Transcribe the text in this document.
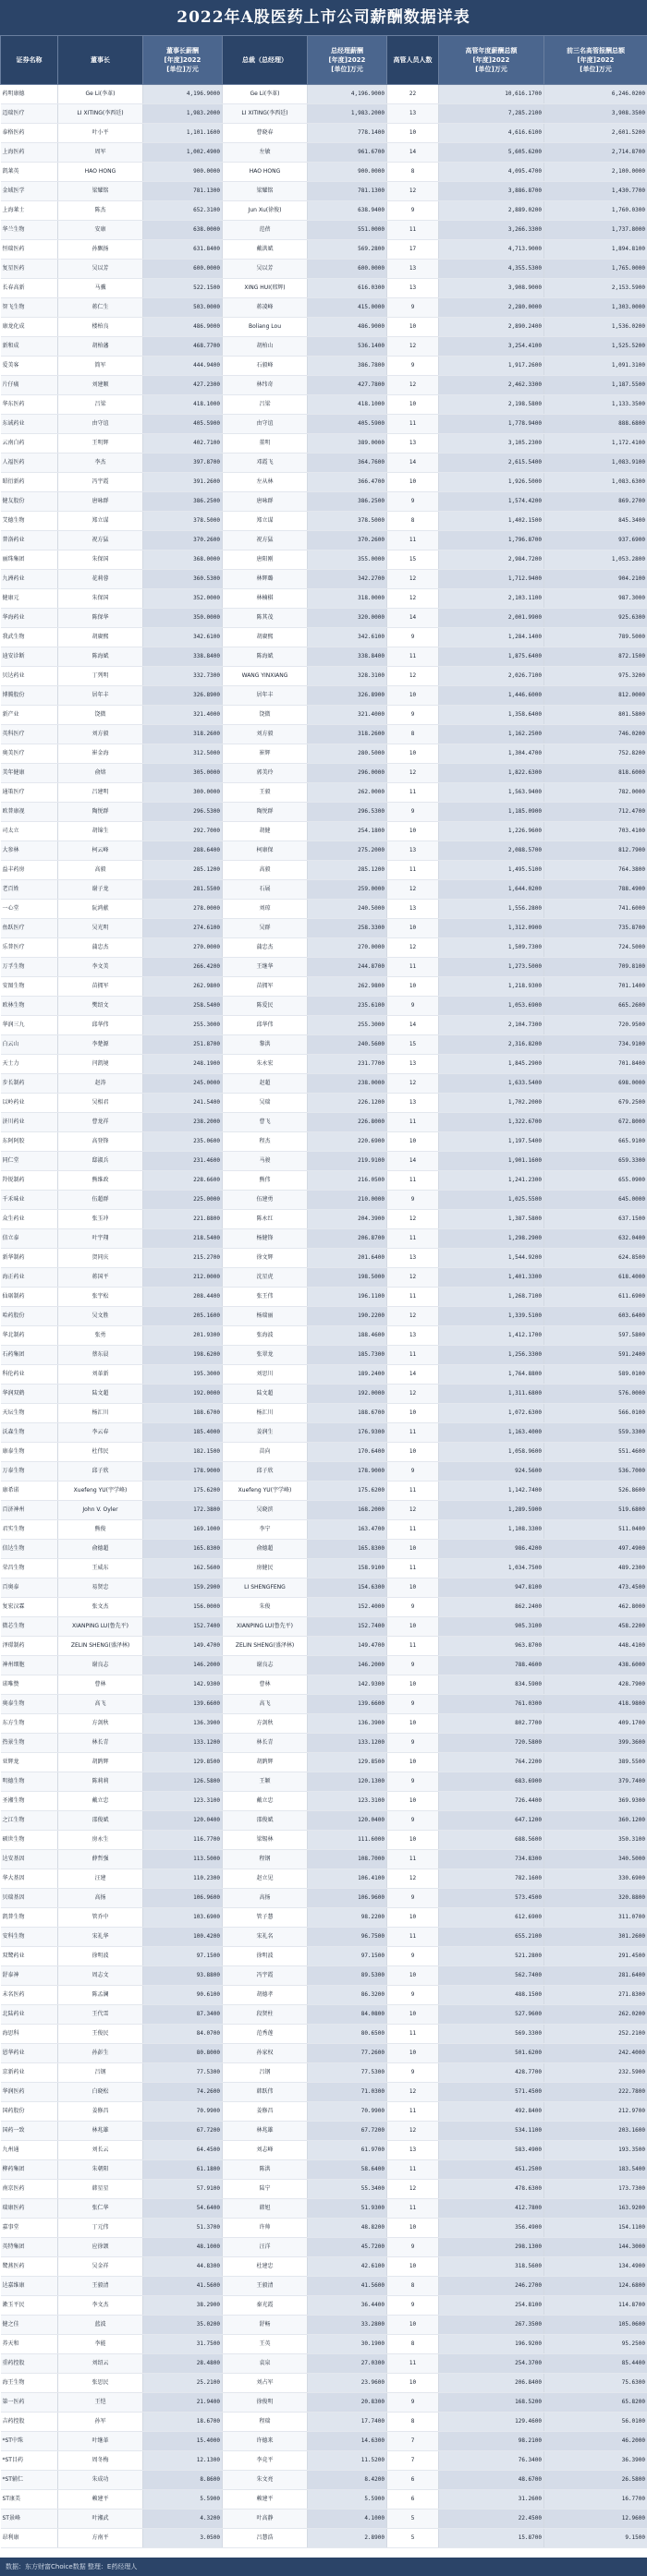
2022年A股医药上市公司薪酬数据详表
证券名称	董事长	董事长薪酬
[年度]2022
[单位]万元	总裁（总经理）	总经理薪酬
[年度]2022
[单位]万元	高管人员人数	高管年度薪酬总额
[年度]2022
[单位]万元	前三名高管报酬总额
[年度]2022
[单位]万元
药明康德	Ge Li(李革)	4,196.9000	Ge Li(李革)	4,196.9000	22	10,616.1700	6,246.0200
迈瑞医疗	LI XITING(李西廷)	1,983.2000	LI XITING(李西廷)	1,983.2000	13	7,285.2100	3,908.3500
泰格医药	叶小平	1,101.1600	曹晓春	778.1400	10	4,616.6100	2,601.5200
上海医药	周军	1,002.4900	左敏	961.6700	14	5,605.6200	2,714.8700
凯莱英	HAO HONG	900.0000	HAO HONG	900.0000	8	4,095.4700	2,100.0000
金域医学	梁耀铭	781.1300	梁耀铭	781.1300	12	3,886.8700	1,430.7700
上海莱士	陈杰	652.3100	Jun Xu(徐俊)	638.9400	9	2,889.0200	1,760.0300
华兰生物	安康	638.0000	范蓓	551.0000	11	3,266.3300	1,737.8000
恒瑞医药	孙飘扬	631.8400	戴洪斌	569.2800	17	4,713.9000	1,894.8100
复星医药	吴以芳	600.0000	吴以芳	600.0000	13	4,355.5300	1,765.0000
长春高新	马骥	522.1500	XING HUI(邢辉)	616.0300	13	3,908.9000	2,153.5900
智飞生物	蒋仁生	503.0000	蒋凌峰	415.0000	9	2,280.0000	1,303.0000
康龙化成	楼柏良	486.9000	Boliang Lou	486.9000	10	2,890.2400	1,536.0200
新和成	胡柏藩	468.7700	胡柏山	536.1400	12	3,254.4100	1,525.5200
爱美客	简军	444.9400	石毅峰	386.7800	9	1,917.2600	1,091.3100
片仔癀	刘建顺	427.2300	林纬奇	427.7800	12	2,462.3300	1,187.5500
华东医药	吕梁	418.1000	吕梁	418.1000	10	2,198.5800	1,133.3500
东诚药业	由守谊	405.5900	由守谊	405.5900	11	1,778.9400	888.6800
云南白药	王明辉	402.7100	董明	389.0000	13	3,105.2300	1,172.4100
人福医药	李杰	397.8700	邓霞飞	364.7600	14	2,615.5400	1,083.9100
昭衍新药	冯宇霞	391.2600	左从林	366.4700	10	1,926.5000	1,083.6300
健友股份	唐咏群	386.2500	唐咏群	386.2500	9	1,574.4200	869.2700
艾德生物	郑立谋	378.5000	郑立谋	378.5000	8	1,402.1500	845.3400
普洛药业	祝方猛	370.2600	祝方猛	370.2600	11	1,796.8700	937.6900
丽珠集团	朱保国	368.0000	唐阳刚	355.0000	15	2,984.7200	1,053.2800
九洲药业	花莉蓉	360.5300	林辉璐	342.2700	12	1,712.9400	904.2100
健康元	朱保国	352.0000	林楠棋	318.0000	12	2,103.1100	987.3000
华海药业	陈保华	350.0000	陈其茂	320.0000	14	2,001.9900	925.6300
我武生物	胡赓熙	342.6100	胡赓熙	342.6100	9	1,284.1400	789.5000
迪安诊断	陈海斌	338.8400	陈海斌	338.8400	11	1,875.6400	872.1500
贝达药业	丁列明	332.7300	WANG YINXIANG	328.3100	12	2,026.7100	975.3200
博腾股份	居年丰	326.8900	居年丰	326.8900	10	1,446.6000	812.0000
新产业	饶微	321.4000	饶微	321.4000	9	1,358.6400	801.5800
英科医疗	刘方毅	318.2600	刘方毅	318.2600	8	1,162.2500	746.0200
奥美医疗	崔金海	312.5000	崔辉	280.5000	10	1,304.4700	752.8200
美年健康	俞熔	305.0000	郭美玲	296.0000	12	1,822.6300	818.6000
通策医疗	吕建明	300.0000	王毅	262.0000	11	1,563.9400	782.0000
欧普康视	陶悦群	296.5300	陶悦群	296.5300	9	1,185.0900	712.4700
司太立	胡锦生	292.7000	胡健	254.1800	10	1,226.9600	703.4100
大参林	柯云峰	288.6400	柯康保	275.2000	13	2,088.5700	812.7900
益丰药房	高毅	285.1200	高毅	285.1200	11	1,495.5100	764.3800
老百姓	谢子龙	281.5500	石展	259.0000	12	1,644.0200	788.4900
一心堂	阮鸿献	278.0000	刘琼	240.5000	13	1,556.2800	741.6000
鱼跃医疗	吴光明	274.6100	吴群	258.3300	10	1,312.0900	735.8700
乐普医疗	蒲忠杰	270.0000	蒲忠杰	270.0000	12	1,509.7300	724.5000
万孚生物	李文美	266.4200	王继华	244.8700	11	1,273.5000	709.8100
安图生物	苗拥军	262.9800	苗拥军	262.9800	10	1,218.9300	701.1400
欧林生物	樊绍文	258.5400	陈爱民	235.6100	9	1,053.6900	665.2600
华润三九	邱华伟	255.3000	邱华伟	255.3000	14	2,104.7300	720.9500
白云山	李楚源	251.8700	黎洪	240.5600	15	2,316.8200	734.9100
天士力	闫凯境	248.1900	朱永宏	231.7700	13	1,845.2900	701.8400
步长制药	赵涛	245.0000	赵超	238.0000	12	1,633.5400	698.0000
以岭药业	吴相君	241.5400	吴瑞	226.1200	13	1,702.2000	679.2500
济川药业	曹龙祥	238.2000	曹飞	226.8000	11	1,322.6700	672.8000
东阿阿胶	高登锋	235.0600	程杰	220.6900	10	1,197.5400	665.9100
同仁堂	邸淑兵	231.4600	马骏	219.9100	14	1,901.1600	659.3300
羚锐制药	熊维政	228.6600	熊伟	216.0500	11	1,241.2300	655.0900
千禾味业	伍超群	225.0000	伍建勇	210.0000	9	1,025.5500	645.0000
众生药业	张玉冲	221.8800	陈永红	204.3900	12	1,387.5800	637.1500
信立泰	叶宇翔	218.5400	杨健锋	206.8700	11	1,298.2900	632.0400
新华制药	贺同庆	215.2700	徐文辉	201.6400	13	1,544.9200	624.8500
海正药业	蒋国平	212.0000	沈星虎	198.5000	12	1,401.3300	618.4000
仙琚制药	张宇松	208.4400	张王伟	196.1100	11	1,268.7100	611.6900
哈药股份	吴文胜	205.1600	杨瑞丽	190.2200	12	1,339.5100	603.6400
华北制药	张勇	201.9300	张海波	188.4600	13	1,412.1700	597.5800
石药集团	蔡东晨	198.6200	张翠龙	185.7300	11	1,256.3300	591.2400
科伦药业	刘革新	195.3000	刘思川	189.2400	14	1,764.8800	589.0100
华润双鹤	陆文超	192.0000	陆文超	192.0000	12	1,311.6800	576.0000
天坛生物	杨汇川	188.6700	杨汇川	188.6700	10	1,072.6300	566.0100
沃森生物	李云春	185.4000	姜润生	176.9300	11	1,163.4000	559.3300
康泰生物	杜伟民	182.1500	苗向	170.6400	10	1,058.9600	551.4600
万泰生物	邱子欣	178.9000	邱子欣	178.9000	9	924.5600	536.7000
康希诺	Xuefeng YU(宇学峰)	175.6200	Xuefeng YU(宇学峰)	175.6200	11	1,142.7400	526.8600
百济神州	John V. Oyler	172.3800	吴晓滨	168.2000	12	1,289.5900	519.6800
君实生物	熊俊	169.1000	李宁	163.4700	11	1,108.3300	511.0400
信达生物	俞德超	165.8300	俞德超	165.8300	10	986.4200	497.4900
荣昌生物	王威东	162.5600	房健民	158.9100	11	1,034.7500	489.2300
百奥泰	易贤忠	159.2900	LI SHENGFENG	154.6300	10	947.8100	473.4500
复宏汉霖	张文杰	156.0000	朱俊	152.4000	9	862.2400	462.8000
微芯生物	XIANPING LU(鲁先平)	152.7400	XIANPING LU(鲁先平)	152.7400	10	905.3100	458.2200
泽璟制药	ZELIN SHENG(盛泽林)	149.4700	ZELIN SHENG(盛泽林)	149.4700	11	963.8700	448.4100
神州细胞	谢良志	146.2000	谢良志	146.2000	9	788.4600	438.6000
诺唯赞	曹林	142.9300	曹林	142.9300	10	834.5900	428.7900
奥泰生物	高飞	139.6600	高飞	139.6600	9	761.0300	418.9800
东方生物	方剑秋	136.3900	方剑秋	136.3900	10	802.7700	409.1700
热景生物	林长青	133.1200	林长青	133.1200	9	720.5800	399.3600
亚辉龙	胡鹍辉	129.8500	胡鹍辉	129.8500	10	764.2200	389.5500
明德生物	陈莉莉	126.5800	王颖	120.1300	9	683.6900	379.7400
圣湘生物	戴立忠	123.3100	戴立忠	123.3100	10	726.4400	369.9300
之江生物	邵俊斌	120.0400	邵俊斌	120.0400	9	647.1200	360.1200
硕世生物	房永生	116.7700	梁锡林	111.6000	10	688.5600	350.3100
达安基因	薛哲强	113.5000	程钢	108.7000	11	734.8300	340.5000
华大基因	汪建	110.2300	赵立见	106.4100	12	782.1600	330.6900
贝瑞基因	高扬	106.9600	高扬	106.9600	9	573.4500	320.8800
凯普生物	管乔中	103.6900	管子慧	98.2200	10	612.6900	311.0700
安科生物	宋礼华	100.4200	宋礼名	96.7500	11	655.2100	301.2600
双鹭药业	徐明波	97.1500	徐明波	97.1500	9	521.2800	291.4500
舒泰神	周志文	93.8800	冯宇霞	89.5300	10	562.7400	281.6400
未名医药	陈孟澜	90.6100	胡德孝	86.3200	9	488.1500	271.8300
北陆药业	王代雪	87.3400	段贤柱	84.0800	10	527.9600	262.0200
海思科	王俊民	84.0700	范秀莲	80.6500	11	569.3300	252.2100
恩华药业	孙彭生	80.8000	孙家权	77.2600	10	501.6200	242.4000
京新药业	吕钢	77.5300	吕钢	77.5300	9	428.7700	232.5900
华润医药	白晓松	74.2600	韩跃伟	71.0300	12	571.4500	222.7800
国药股份	姜修昌	70.9900	姜修昌	70.9900	11	492.8400	212.9700
国药一致	林兆雄	67.7200	林兆雄	67.7200	12	534.1100	203.1600
九州通	刘长云	64.4500	刘志峰	61.9700	13	583.4900	193.3500
柳药集团	朱朝阳	61.1800	陈洪	58.6400	11	451.2500	183.5400
南京医药	韩星星	57.9100	陆宁	55.3400	12	478.6300	173.7300
瑞康医药	张仁华	54.6400	韩旭	51.9300	11	412.7800	163.9200
嘉事堂	丁元伟	51.3700	许帅	48.8200	10	356.4900	154.1100
英特集团	应徐颉	48.1000	汪洋	45.7200	9	298.1300	144.3000
鹭燕医药	吴金祥	44.8300	杜建忠	42.6100	10	318.5600	134.4900
达嘉维康	王毅清	41.5600	王毅清	41.5600	8	246.2700	124.6800
漱玉平民	李文杰	38.2900	秦光霞	36.4400	9	254.8100	114.8700
健之佳	蓝波	35.0200	舒畅	33.2800	10	267.3500	105.0600
养天和	李能	31.7500	王英	30.1900	8	196.9200	95.2500
重药控股	刘绍云	28.4800	袁泉	27.0300	11	254.3700	85.4400
海王生物	张思民	25.2100	刘占军	23.9600	10	206.8400	75.6300
第一医药	王恺	21.9400	徐俊明	20.8300	9	168.5200	65.8200
吉药控股	孙军	18.6700	程瑞	17.7400	8	129.4600	56.0100
*ST中珠	叶继革	15.4000	许德来	14.6300	7	98.2100	46.2000
*ST目药	周冬梅	12.1300	李竞平	11.5200	7	76.3400	36.3900
*ST辅仁	朱成功	8.8600	朱文亮	8.4200	6	48.6700	26.5800
ST康美	赖建平	5.5900	赖建平	5.5900	6	31.2600	16.7700
ST景峰	叶湘武	4.3200	叶高静	4.1000	5	22.4500	12.9600
昂利康	方南平	3.0500	吕慧浩	2.8900	5	15.8700	9.1500
数据：东方财富Choice数据 整理：E药经理人
